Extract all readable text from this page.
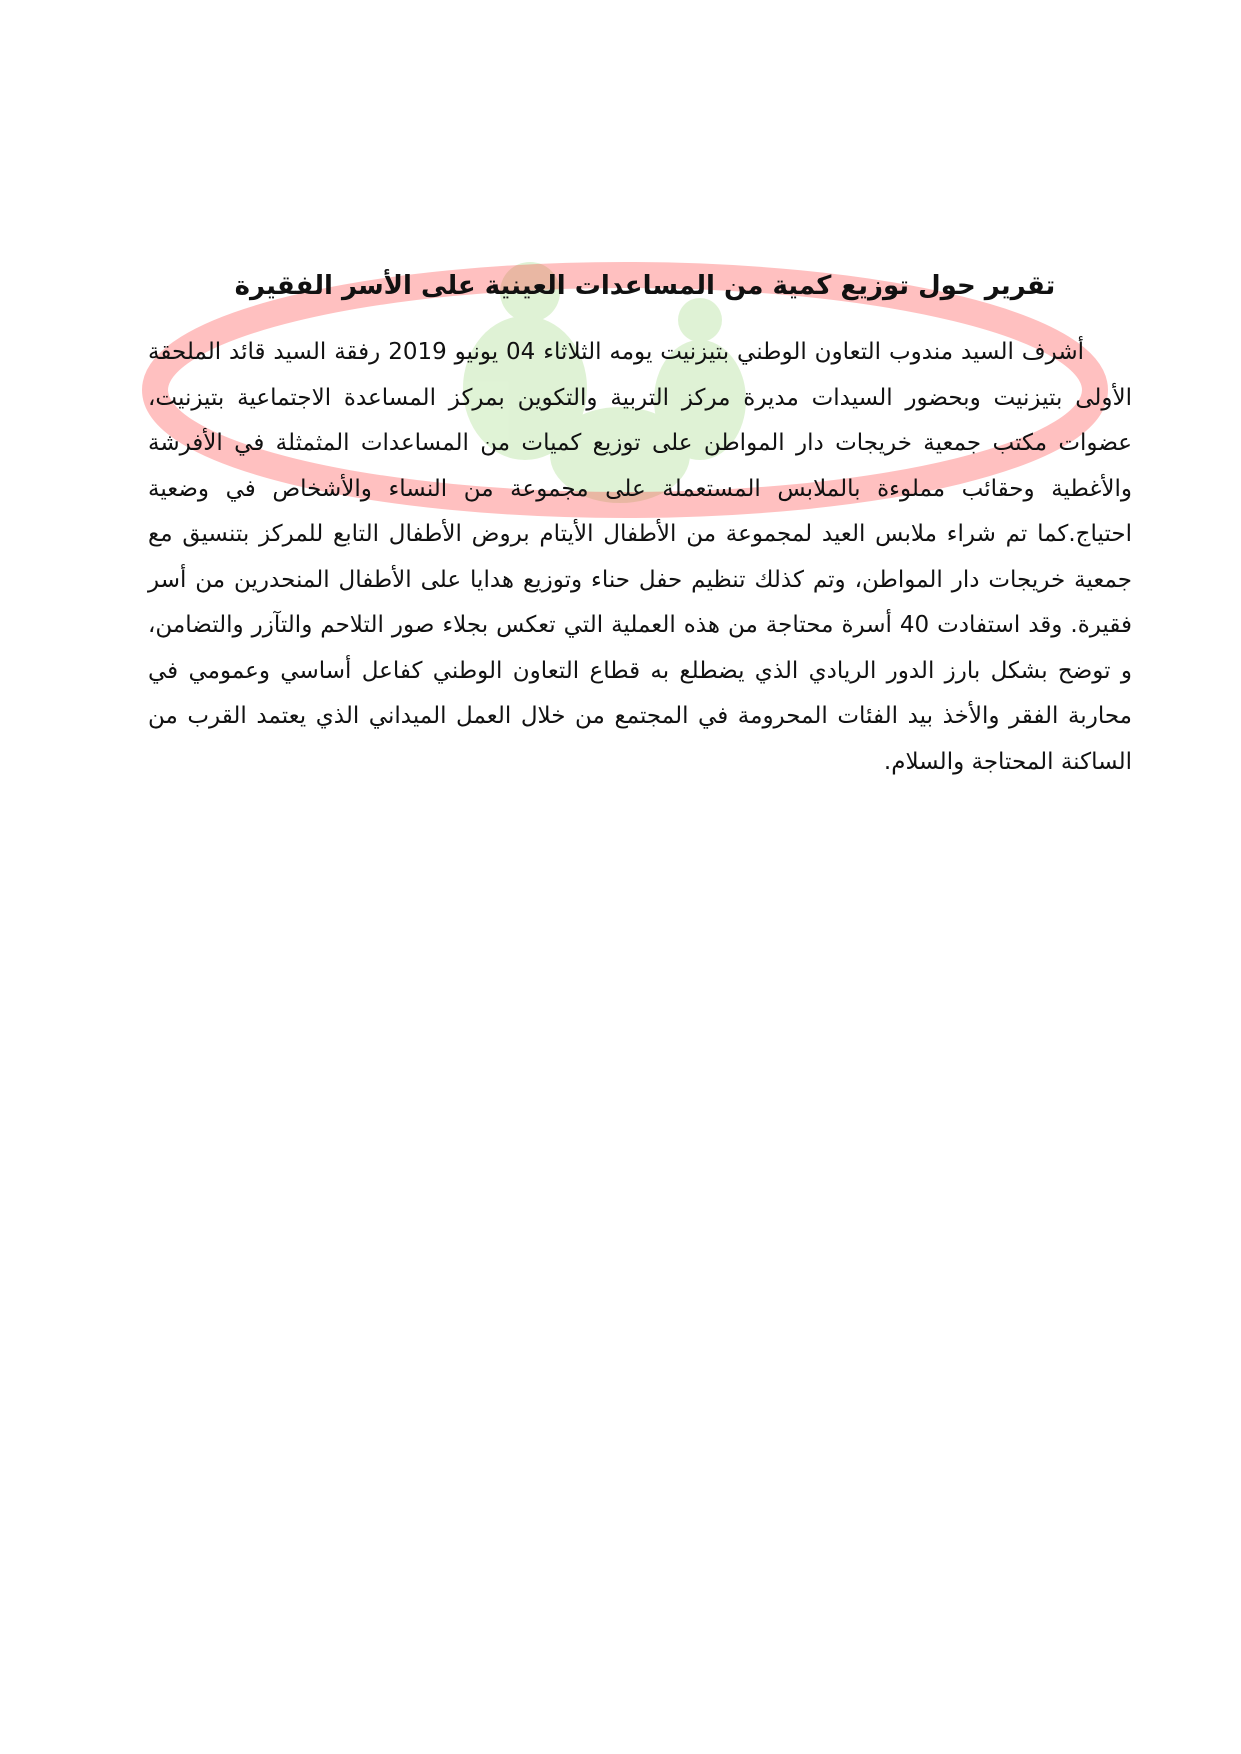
تقرير حول توزيع كمية من المساعدات العينية على الأسر الفقيرة

أشرف السيد مندوب التعاون الوطني بتيزنيت يومه الثلاثاء 04 يونيو 2019 رفقة السيد قائد الملحقة الأولى بتيزنيت وبحضور السيدات مديرة مركز التربية والتكوين بمركز المساعدة الاجتماعية بتيزنيت، عضوات مكتب جمعية خريجات دار المواطن على توزيع كميات من المساعدات المثمثلة في الأفرشة والأغطية وحقائب مملوءة بالملابس المستعملة على مجموعة من النساء والأشخاص في وضعية احتياج.كما تم شراء ملابس العيد لمجموعة من الأطفال الأيتام بروض الأطفال التابع للمركز بتنسيق مع جمعية خريجات دار المواطن، وتم كذلك تنظيم حفل حناء وتوزيع هدايا على الأطفال المنحدرين من أسر فقيرة. وقد استفادت 40 أسرة محتاجة من هذه العملية التي تعكس بجلاء صور التلاحم والتآزر والتضامن، و توضح بشكل بارز الدور الريادي الذي يضطلع به قطاع التعاون الوطني كفاعل أساسي وعمومي في محاربة الفقر والأخذ بيد الفئات المحرومة في المجتمع من خلال العمل الميداني الذي يعتمد القرب من الساكنة المحتاجة والسلام.
